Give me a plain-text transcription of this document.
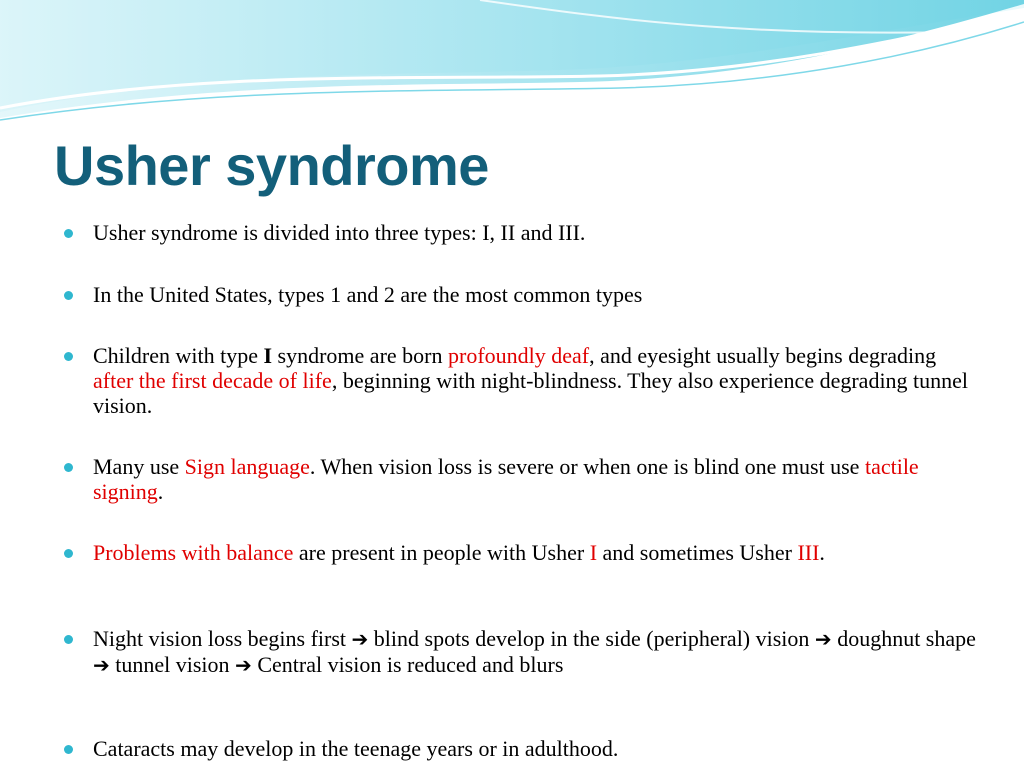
Usher syndrome
Usher syndrome is divided into three types: I, II and III.
In the United States, types 1 and 2 are the most common types
Children with type I syndrome are born profoundly deaf, and eyesight usually begins degrading after the first decade of life, beginning with night-blindness. They also experience degrading tunnel vision.
Many use Sign language. When vision loss is severe or when one is blind one must use tactile signing.
Problems with balance are present in people with Usher I and sometimes Usher III.
Night vision loss begins first ➔ blind spots develop in the side (peripheral) vision ➔ doughnut shape ➔ tunnel vision ➔ Central vision is reduced and blurs
Cataracts may develop in the teenage years or in adulthood.
